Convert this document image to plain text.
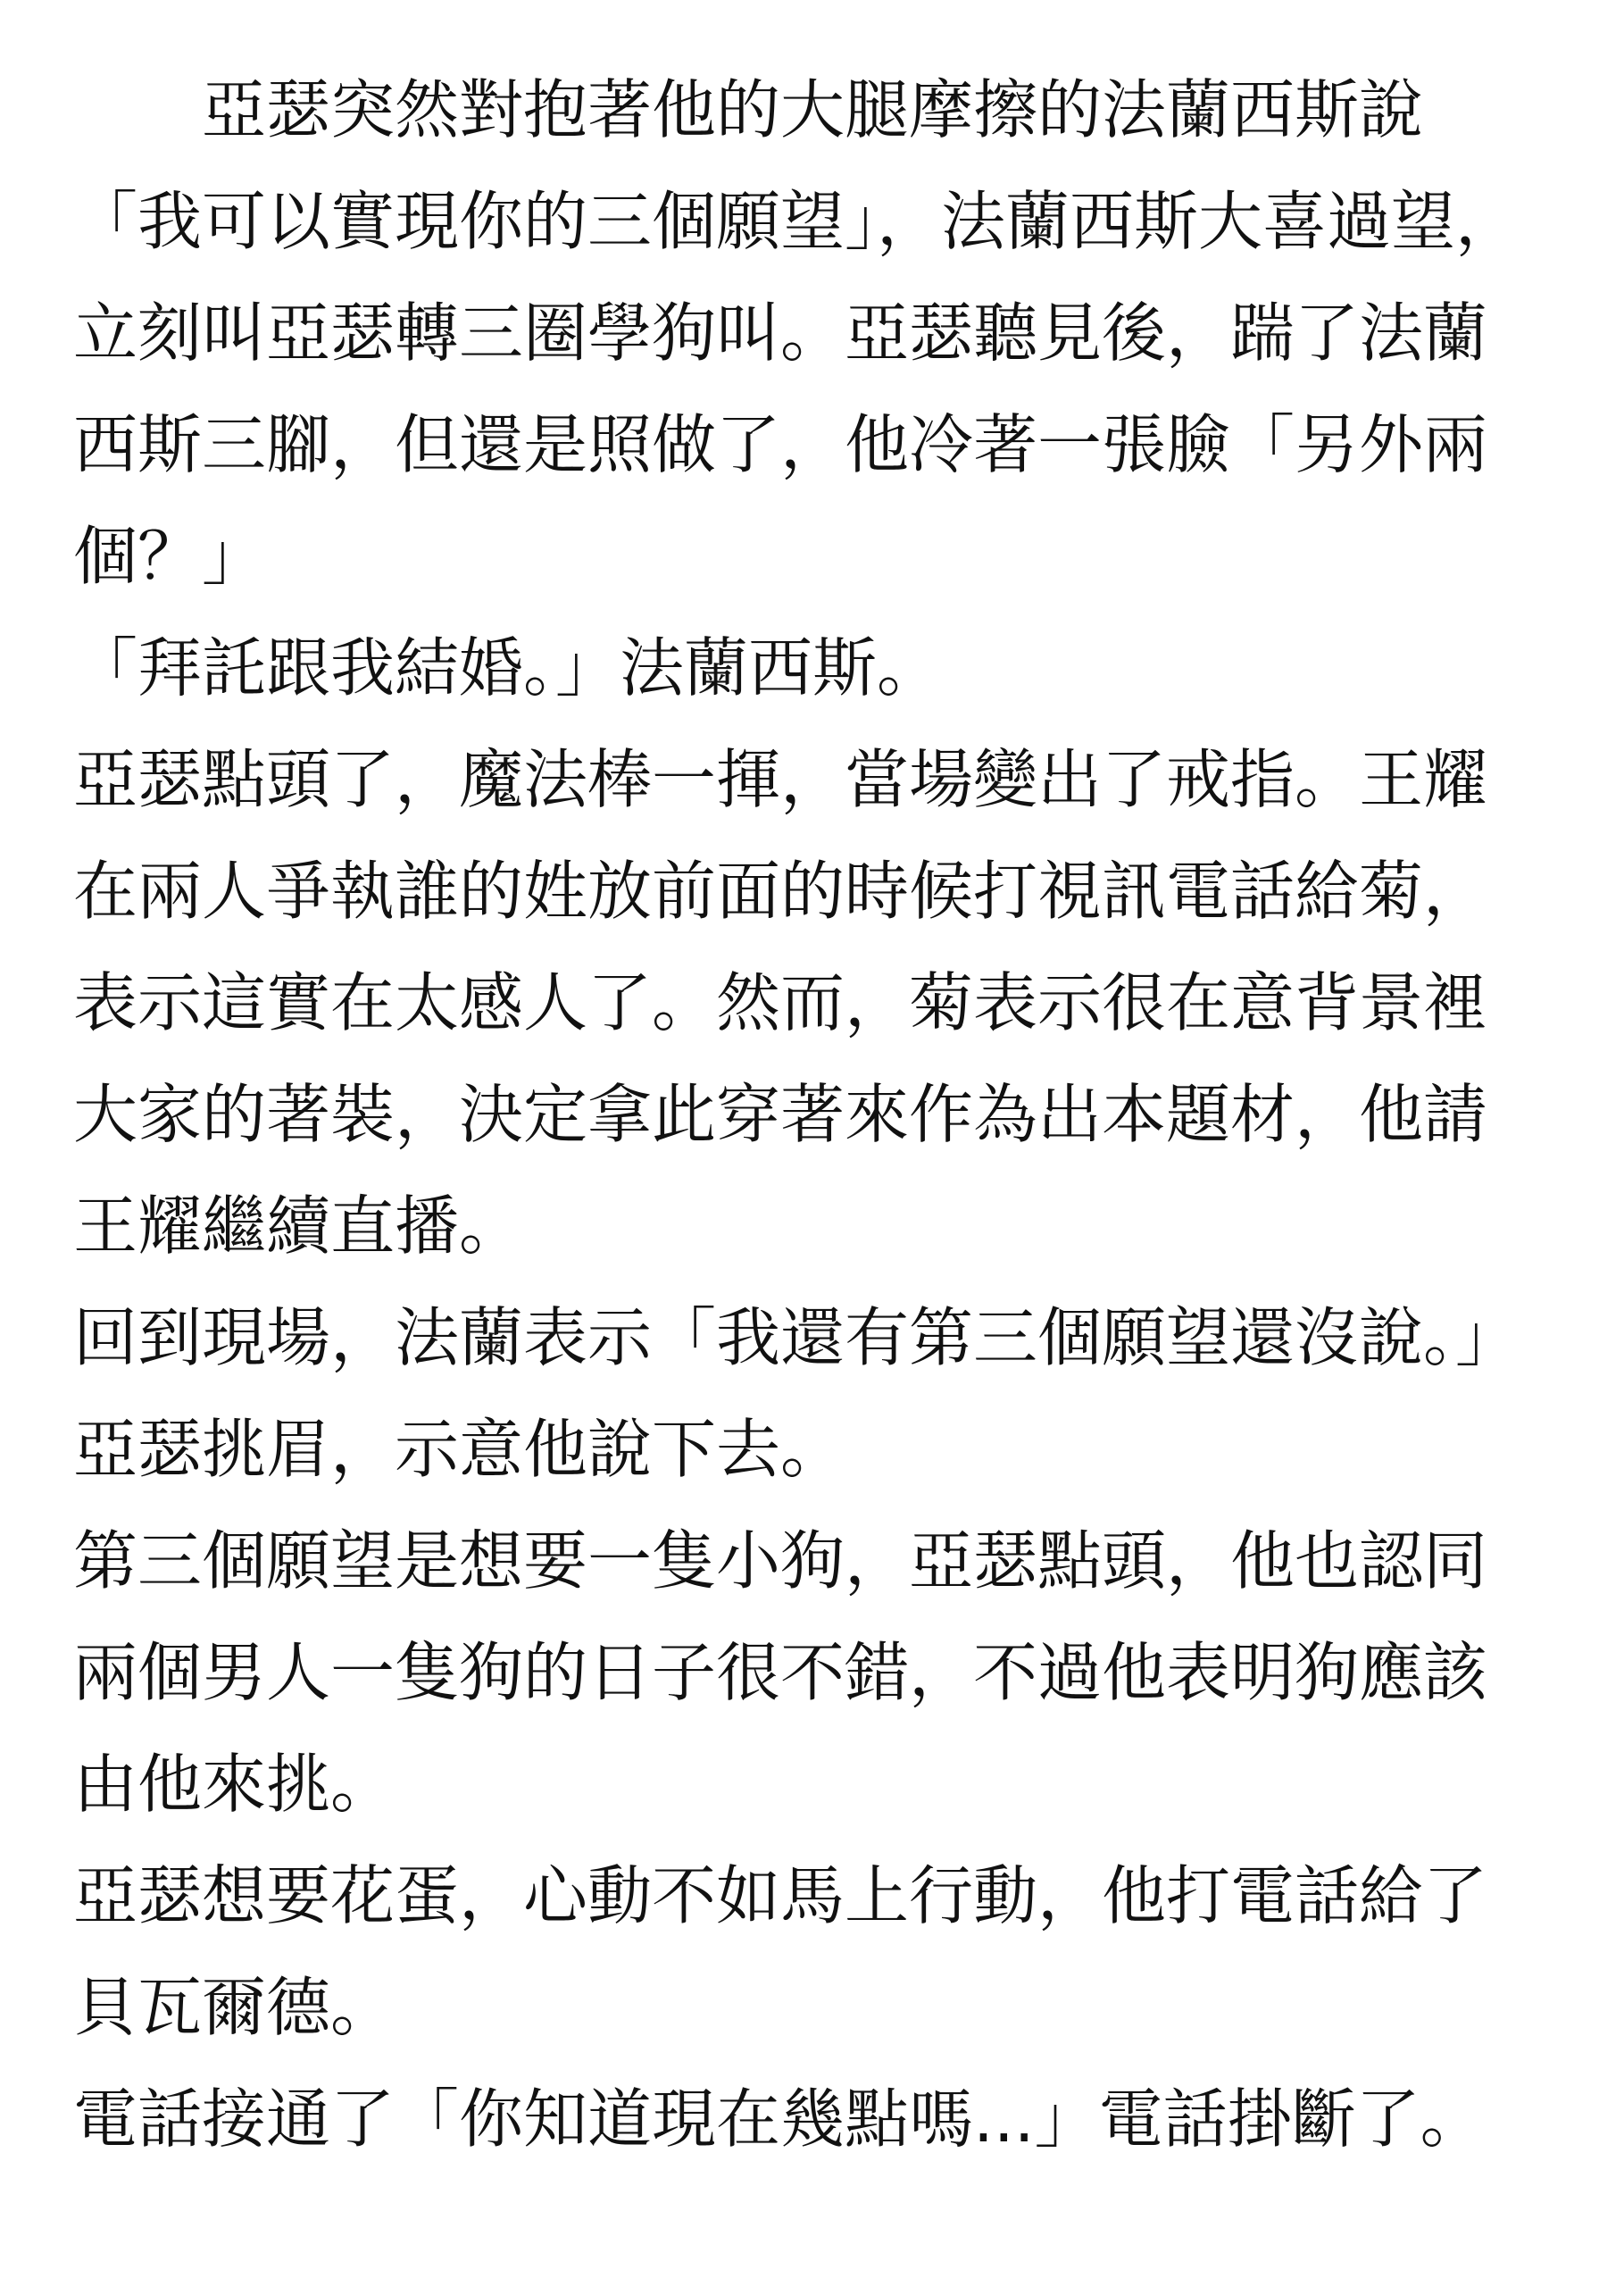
　　亞瑟突然對抱著他的大腿摩擦的法蘭西斯說
「我可以實現你的三個願望」，法蘭西斯大喜過望，
立刻叫亞瑟轉三圈學狗叫。亞瑟聽見後，踹了法蘭
西斯三腳，但還是照做了，他冷著一張臉「另外兩
個？」
「拜託跟我結婚。」法蘭西斯。
亞瑟點頭了，魔法棒一揮，當場變出了戒指。王耀
在兩人爭執誰的姓放前面的時候打視訊電話給菊，
表示這實在太感人了。然而，菊表示很在意背景裡
大家的著裝，決定拿此穿著來作為出本題材，他請
王耀繼續直播。
回到現場，法蘭表示「我還有第三個願望還沒說。」
亞瑟挑眉，示意他說下去。
第三個願望是想要一隻小狗，亞瑟點頭，他也認同
兩個男人一隻狗的日子很不錯，不過他表明狗應該
由他來挑。
亞瑟想要花蛋，心動不如馬上行動，他打電話給了
貝瓦爾德。
電話接通了「你知道現在幾點嗎...」電話掛斷了。
